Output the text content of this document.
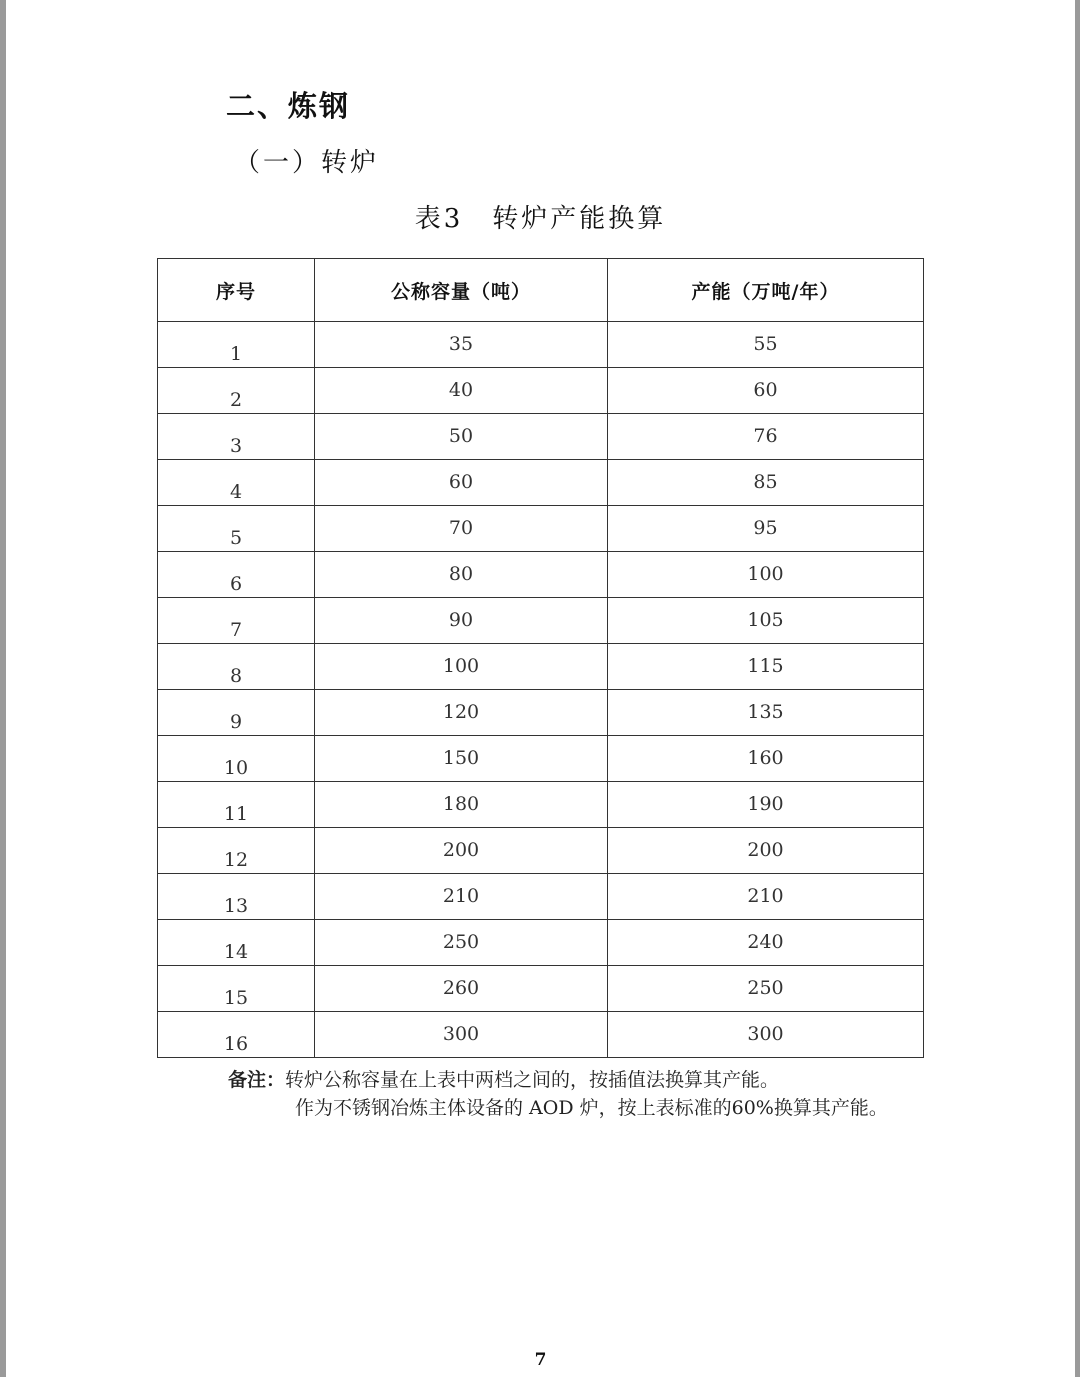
二、炼钢
（一）转炉
表3　转炉产能换算
序号	公称容量（吨）	产能（万吨/年）
1	35	55
2	40	60
3	50	76
4	60	85
5	70	95
6	80	100
7	90	105
8	100	115
9	120	135
10	150	160
11	180	190
12	200	200
13	210	210
14	250	240
15	260	250
16	300	300
备注：转炉公称容量在上表中两档之间的，按插值法换算其产能。
作为不锈钢冶炼主体设备的 AOD 炉，按上表标准的60%换算其产能。
7
